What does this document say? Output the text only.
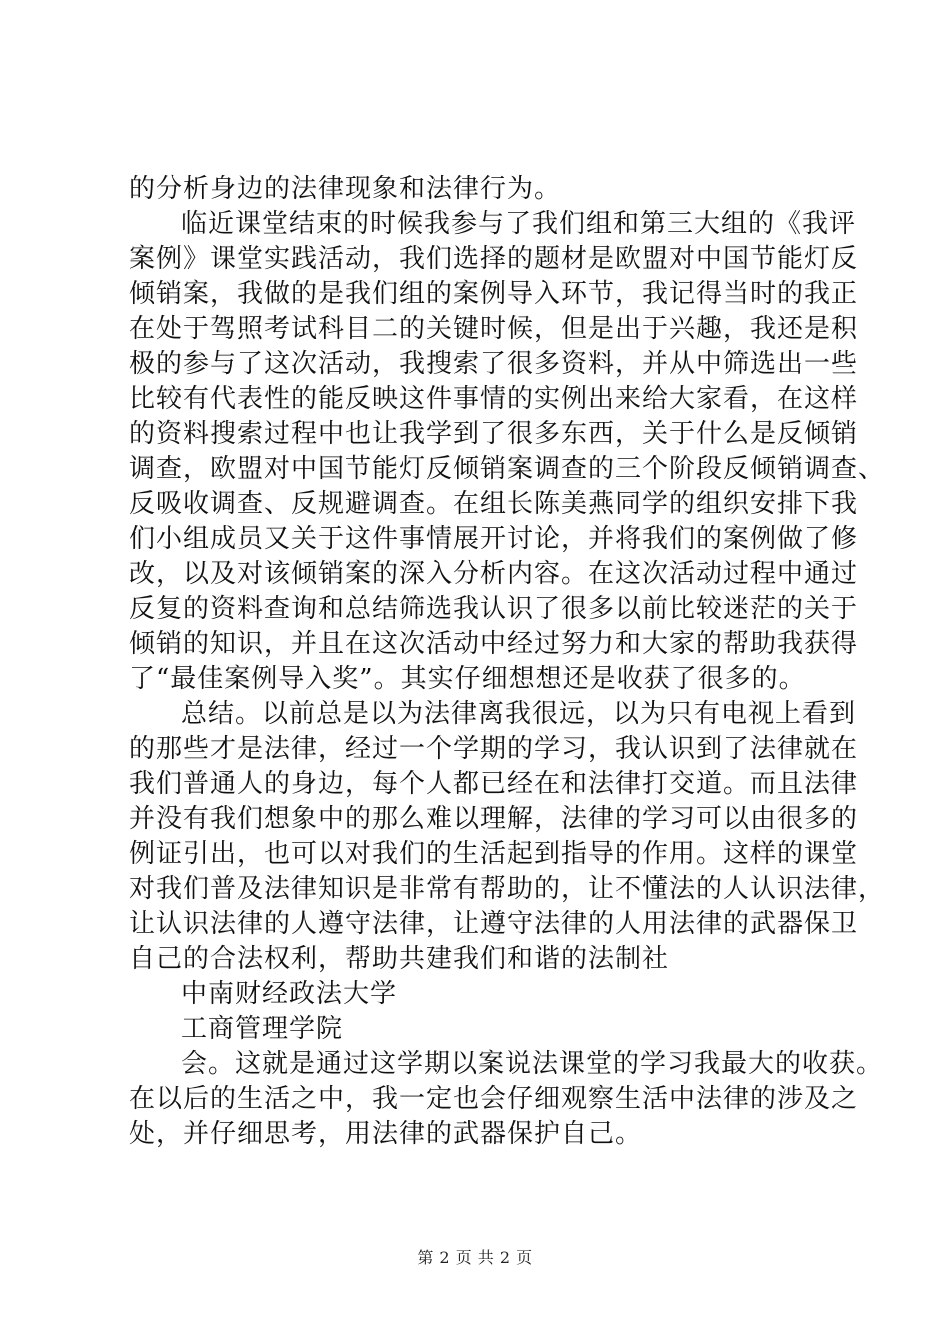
的分析身边的法律现象和法律行为。
临近课堂结束的时候我参与了我们组和第三大组的《我评
案例》课堂实践活动，我们选择的题材是欧盟对中国节能灯反
倾销案，我做的是我们组的案例导入环节，我记得当时的我正
在处于驾照考试科目二的关键时候，但是出于兴趣，我还是积
极的参与了这次活动，我搜索了很多资料，并从中筛选出一些
比较有代表性的能反映这件事情的实例出来给大家看，在这样
的资料搜索过程中也让我学到了很多东西，关于什么是反倾销
调查，欧盟对中国节能灯反倾销案调查的三个阶段反倾销调查、
反吸收调查、反规避调查。在组长陈美燕同学的组织安排下我
们小组成员又关于这件事情展开讨论，并将我们的案例做了修
改，以及对该倾销案的深入分析内容。在这次活动过程中通过
反复的资料查询和总结筛选我认识了很多以前比较迷茫的关于
倾销的知识，并且在这次活动中经过努力和大家的帮助我获得
了“最佳案例导入奖”。其实仔细想想还是收获了很多的。
总结。以前总是以为法律离我很远，以为只有电视上看到
的那些才是法律，经过一个学期的学习，我认识到了法律就在
我们普通人的身边，每个人都已经在和法律打交道。而且法律
并没有我们想象中的那么难以理解，法律的学习可以由很多的
例证引出，也可以对我们的生活起到指导的作用。这样的课堂
对我们普及法律知识是非常有帮助的，让不懂法的人认识法律，
让认识法律的人遵守法律，让遵守法律的人用法律的武器保卫
自己的合法权利，帮助共建我们和谐的法制社
中南财经政法大学
工商管理学院
会。这就是通过这学期以案说法课堂的学习我最大的收获。
在以后的生活之中，我一定也会仔细观察生活中法律的涉及之
处，并仔细思考，用法律的武器保护自己。
第 2 页 共 2 页
